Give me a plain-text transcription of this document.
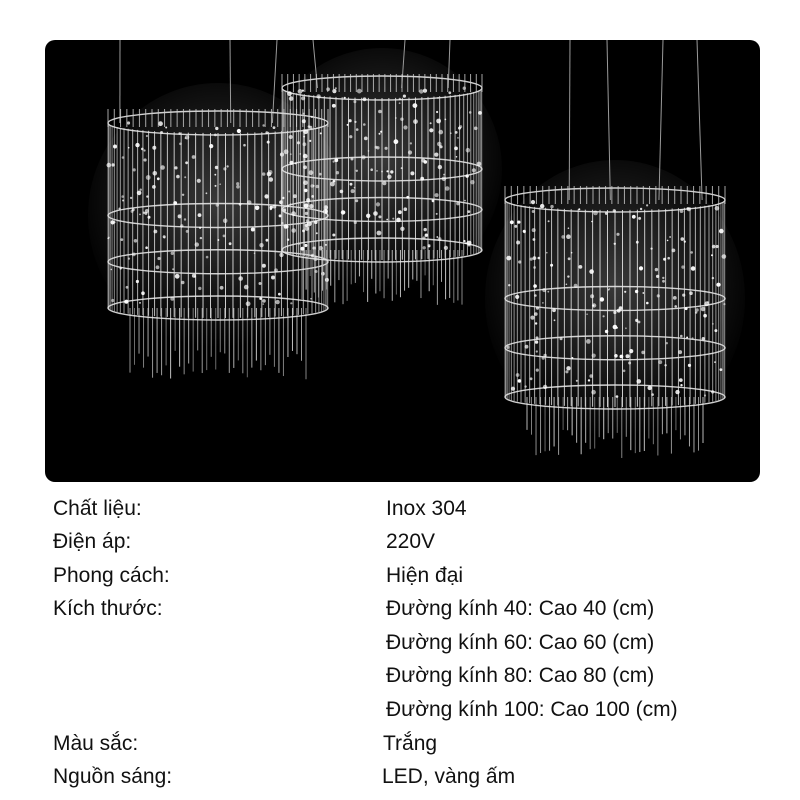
Chất liệu:	Inox 304
Điện áp:	220V
Phong cách:	Hiện đại
Kích thước:	Đường kính 40: Cao 40 (cm)
Đường kính 60: Cao 60 (cm)
Đường kính 80: Cao 80 (cm)
Đường kính 100: Cao 100 (cm)
Màu sắc:	Trắng
Nguồn sáng:	LED, vàng ấm
